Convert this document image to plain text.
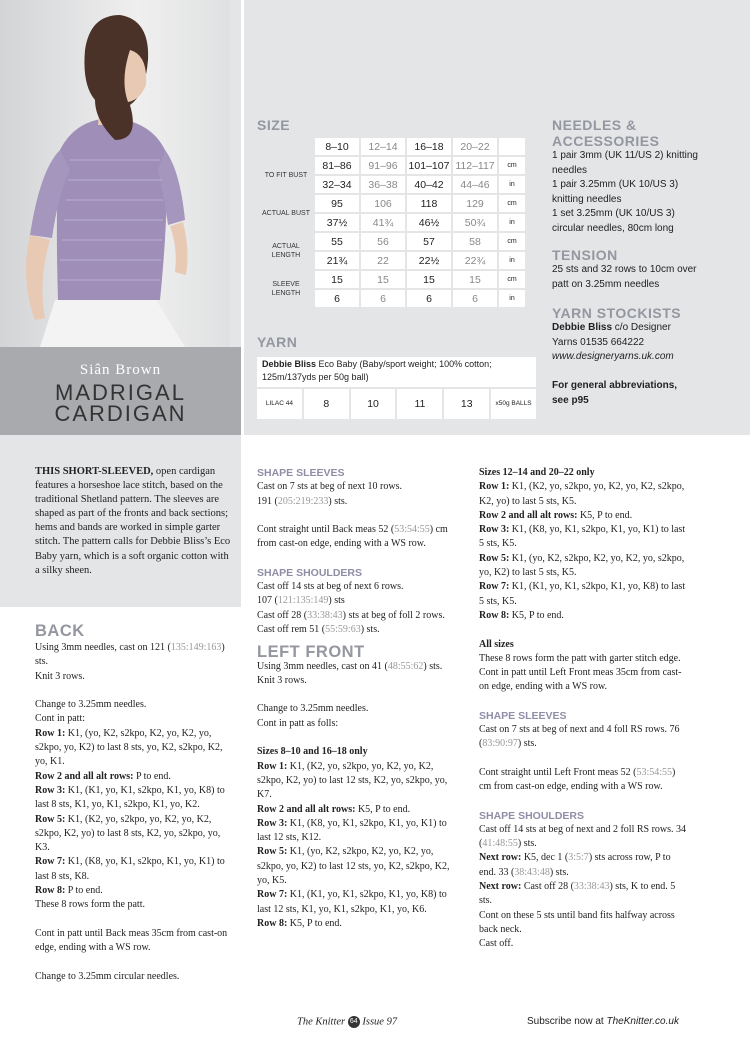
Siân Brown
MADRIGAL
CARDIGAN
SIZE
	8–10	12–14	16–18	20–22	
TO FIT BUST	81–86	91–96	101–107	112–117	cm
	32–34	36–38	40–42	44–46	in
ACTUAL BUST	95	106	118	129	cm
	37½	41¾	46½	50¾	in
ACTUAL LENGTH	55	56	57	58	cm
	21¾	22	22½	22¾	in
SLEEVE LENGTH	15	15	15	15	cm
	6	6	6	6	in
YARN
Debbie Bliss Eco Baby (Baby/sport weight; 100% cotton; 125m/137yds per 50g ball)
LILAC 44	8	10	11	13	x50g BALLS
NEEDLES & ACCESSORIES
1 pair 3mm (UK 11/US 2) knitting needles
1 pair 3.25mm (UK 10/US 3) knitting needles
1 set 3.25mm (UK 10/US 3) circular needles, 80cm long
TENSION
25 sts and 32 rows to 10cm over patt on 3.25mm needles
YARN STOCKISTS
Debbie Bliss c/o Designer Yarns 01535 664222
www.designeryarns.uk.com
For general abbreviations, see p95
THIS SHORT-SLEEVED, open cardigan features a horseshoe lace stitch, based on the traditional Shetland pattern. The sleeves are shaped as part of the fronts and back sections; hems and bands are worked in simple garter stitch. The pattern calls for Debbie Bliss’s Eco Baby yarn, which is a soft organic cotton with a silky sheen.
BACK

Using 3mm needles, cast on 121 (135:149:163) sts.

Knit 3 rows.

Change to 3.25mm needles.

Cont in patt:

Row 1: K1, (yo, K2, s2kpo, K2, yo, K2, yo, s2kpo, yo, K2) to last 8 sts, yo, K2, s2kpo, K2, yo, K1.

Row 2 and all alt rows: P to end.

Row 3: K1, (K1, yo, K1, s2kpo, K1, yo, K8) to last 8 sts, K1, yo, K1, s2kpo, K1, yo, K2.

Row 5: K1, (K2, yo, s2kpo, yo, K2, yo, K2, s2kpo, K2, yo) to last 8 sts, K2, yo, s2kpo, yo, K3.

Row 7: K1, (K8, yo, K1, s2kpo, K1, yo, K1) to last 8 sts, K8.

Row 8: P to end.

These 8 rows form the patt.

Cont in patt until Back meas 35cm from cast-on edge, ending with a WS row.

Change to 3.25mm circular needles.

SHAPE SLEEVES

Cast on 7 sts at beg of next 10 rows.

191 (205:219:233) sts.

Cont straight until Back meas 52 (53:54:55) cm from cast-on edge, ending with a WS row.

SHAPE SHOULDERS

Cast off 14 sts at beg of next 6 rows.

107 (121:135:149) sts

Cast off 28 (33:38:43) sts at beg of foll 2 rows.

Cast off rem 51 (55:59:63) sts.

LEFT FRONT

Using 3mm needles, cast on 41 (48:55:62) sts.

Knit 3 rows.

Change to 3.25mm needles.

Cont in patt as folls:

Sizes 8–10 and 16–18 only

Row 1: K1, (K2, yo, s2kpo, yo, K2, yo, K2, s2kpo, K2, yo) to last 12 sts, K2, yo, s2kpo, yo, K7.

Row 2 and all alt rows: K5, P to end.

Row 3: K1, (K8, yo, K1, s2kpo, K1, yo, K1) to last 12 sts, K12.

Row 5: K1, (yo, K2, s2kpo, K2, yo, K2, yo, s2kpo, yo, K2) to last 12 sts, yo, K2, s2kpo, K2, yo, K5.

Row 7: K1, (K1, yo, K1, s2kpo, K1, yo, K8) to last 12 sts, K1, yo, K1, s2kpo, K1, yo, K6.

Row 8: K5, P to end.

Sizes 12–14 and 20–22 only

Row 1: K1, (K2, yo, s2kpo, yo, K2, yo, K2, s2kpo, K2, yo) to last 5 sts, K5.

Row 2 and all alt rows: K5, P to end.

Row 3: K1, (K8, yo, K1, s2kpo, K1, yo, K1) to last 5 sts, K5.

Row 5: K1, (yo, K2, s2kpo, K2, yo, K2, yo, s2kpo, yo, K2) to last 5 sts, K5.

Row 7: K1, (K1, yo, K1, s2kpo, K1, yo, K8) to last 5 sts, K5.

Row 8: K5, P to end.

All sizes

These 8 rows form the patt with garter stitch edge.

Cont in patt until Left Front meas 35cm from cast-on edge, ending with a WS row.

SHAPE SLEEVES

Cast on 7 sts at beg of next and 4 foll RS rows. 76 (83:90:97) sts.

Cont straight until Left Front meas 52 (53:54:55) cm from cast-on edge, ending with a WS row.

SHAPE SHOULDERS

Cast off 14 sts at beg of next and 2 foll RS rows. 34 (41:48:55) sts.

Next row: K5, dec 1 (3:5:7) sts across row, P to end. 33 (38:43:48) sts.

Next row: Cast off 28 (33:38:43) sts, K to end. 5 sts.

Cont on these 5 sts until band fits halfway across back neck.

Cast off.

The Knitter 64 Issue 97	Subscribe now at TheKnitter.co.uk
